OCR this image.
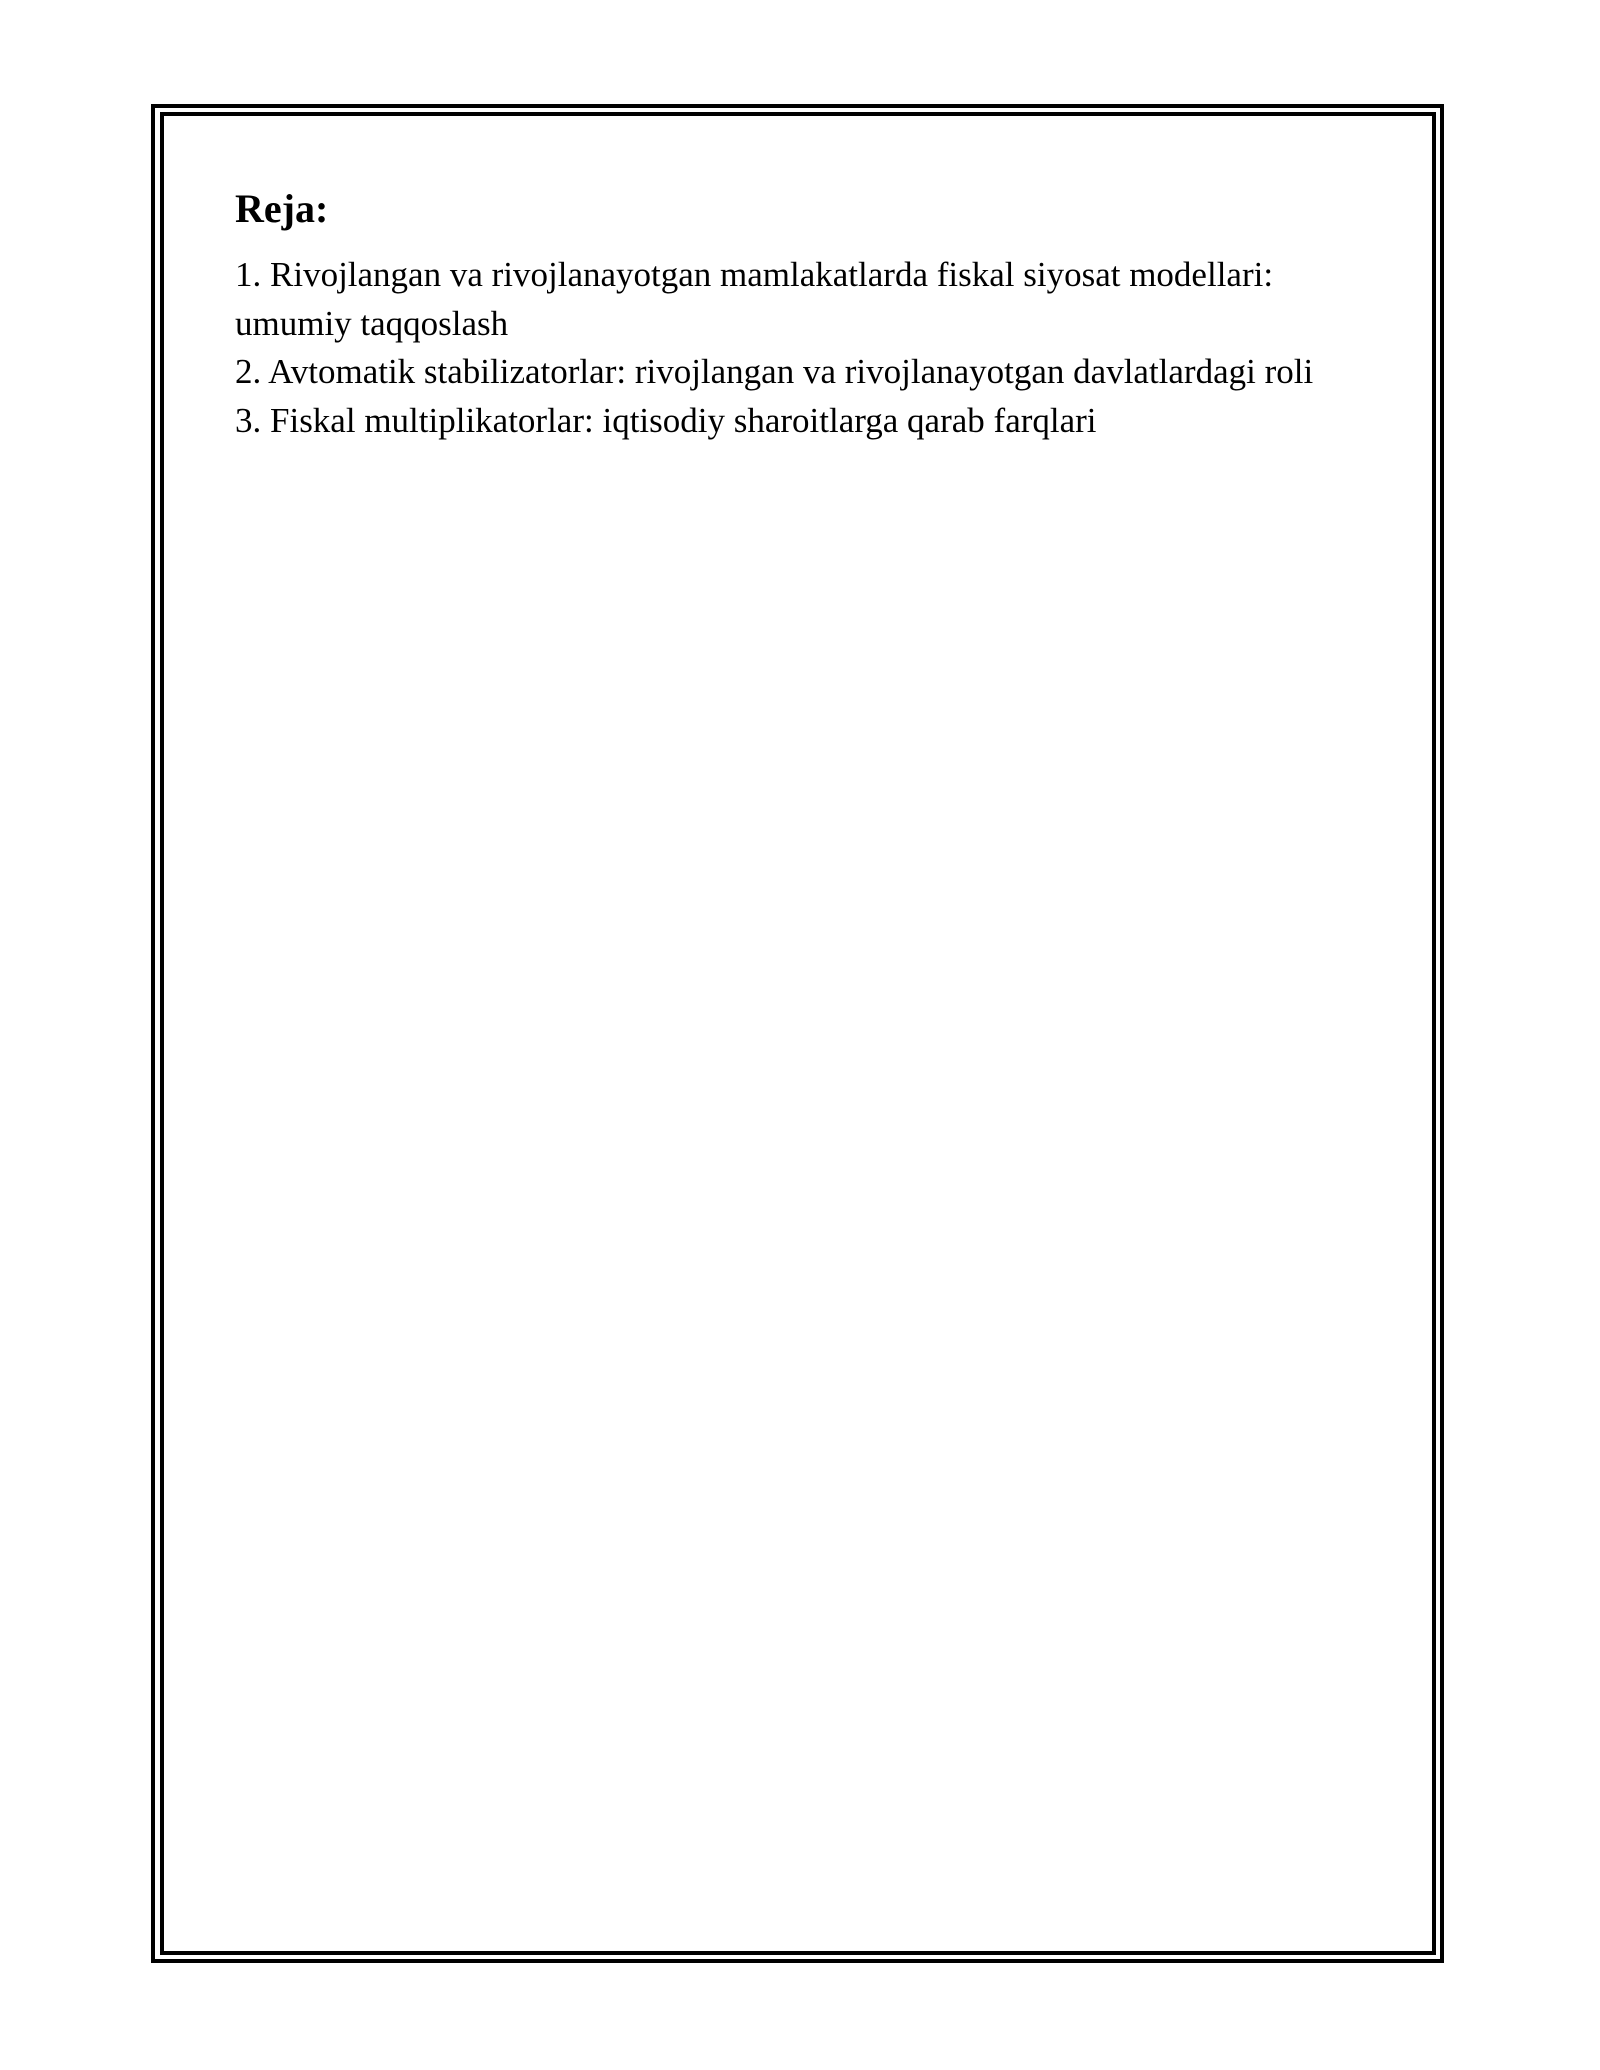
Reja:
1. Rivojlangan va rivojlanayotgan mamlakatlarda fiskal siyosat modellari: umumiy taqqoslash
2. Avtomatik stabilizatorlar: rivojlangan va rivojlanayotgan davlatlardagi roli
3. Fiskal multiplikatorlar: iqtisodiy sharoitlarga qarab farqlari
